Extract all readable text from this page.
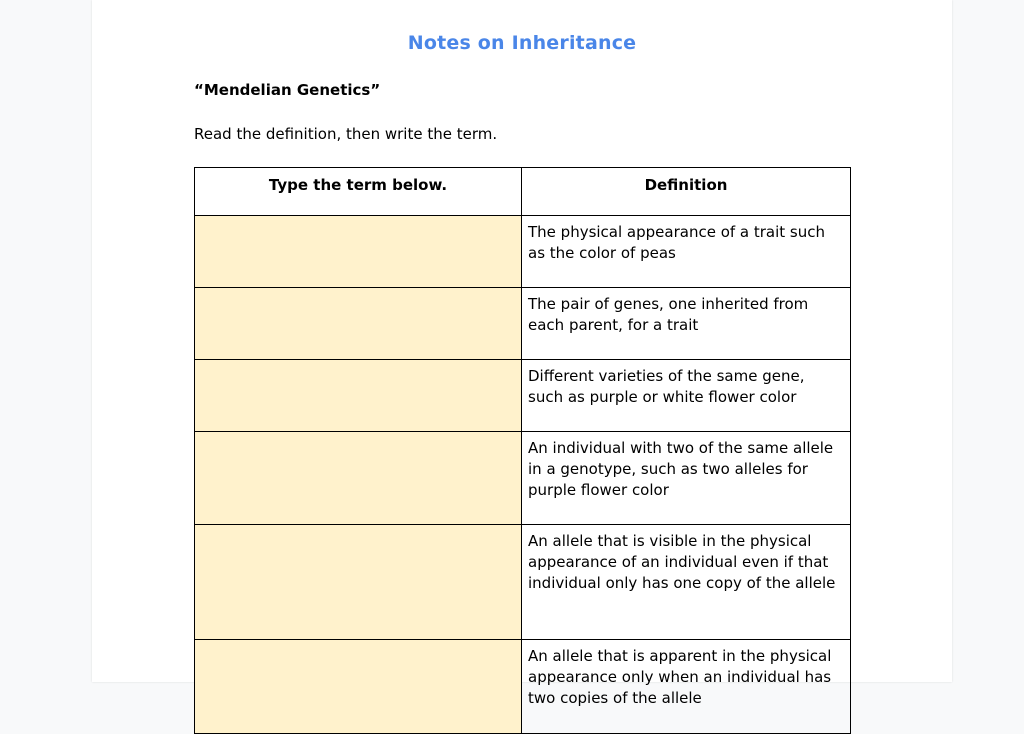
Notes on Inheritance
“Mendelian Genetics”
Read the definition, then write the term.
Type the term below.	Definition

	The physical appearance of a trait such as the color of peas

	The pair of genes, one inherited from each parent, for a trait

	Different varieties of the same gene, such as purple or white flower color

	An individual with two of the same allele in a genotype, such as two alleles for purple flower color

	An allele that is visible in the physical appearance of an individual even if that individual only has one copy of the allele

	An allele that is apparent in the physical appearance only when an individual has two copies of the allele
